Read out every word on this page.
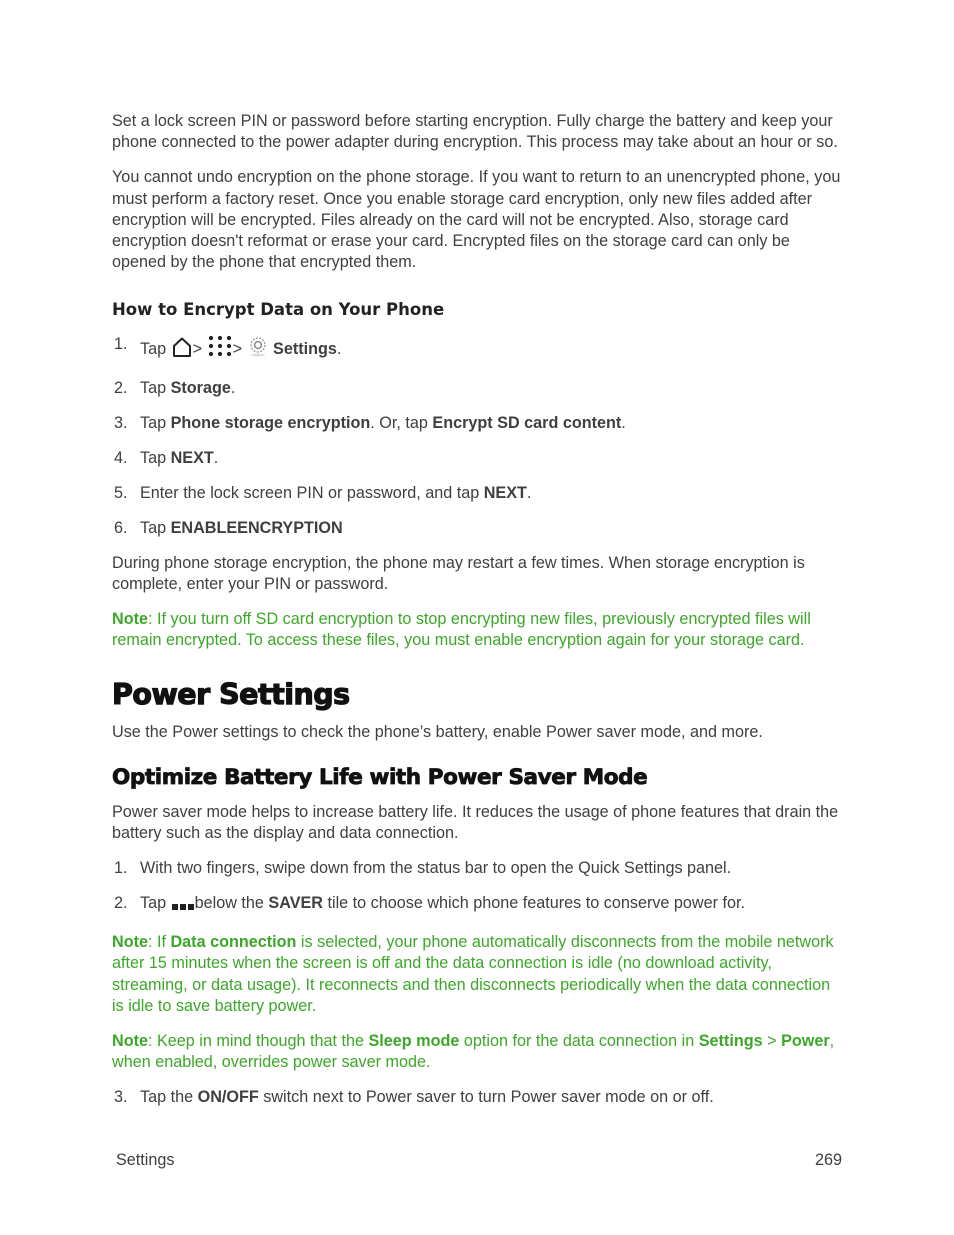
Set a lock screen PIN or password before starting encryption. Fully charge the battery and keep your phone connected to the power adapter during encryption. This process may take about an hour or so.

You cannot undo encryption on the phone storage. If you want to return to an unencrypted phone, you must perform a factory reset. Once you enable storage card encryption, only new files added after encryption will be encrypted. Files already on the card will not be encrypted. Also, storage card encryption doesn't reformat or erase your card. Encrypted files on the storage card can only be opened by the phone that encrypted them.

How to Encrypt Data on Your Phone
1. Tap > > Settings.
2. Tap Storage.
3. Tap Phone storage encryption. Or, tap Encrypt SD card content.
4. Tap NEXT.
5. Enter the lock screen PIN or password, and tap NEXT.
6. Tap ENABLEENCRYPTION

During phone storage encryption, the phone may restart a few times. When storage encryption is complete, enter your PIN or password.

Note: If you turn off SD card encryption to stop encrypting new files, previously encrypted files will remain encrypted. To access these files, you must enable encryption again for your storage card.

Power Settings

Use the Power settings to check the phone’s battery, enable Power saver mode, and more.

Optimize Battery Life with Power Saver Mode

Power saver mode helps to increase battery life. It reduces the usage of phone features that drain the battery such as the display and data connection.

1. With two fingers, swipe down from the status bar to open the Quick Settings panel.
2. Tap below the SAVER tile to choose which phone features to conserve power for.

Note: If Data connection is selected, your phone automatically disconnects from the mobile network after 15 minutes when the screen is off and the data connection is idle (no download activity, streaming, or data usage). It reconnects and then disconnects periodically when the data connection is idle to save battery power.

Note: Keep in mind though that the Sleep mode option for the data connection in Settings > Power, when enabled, overrides power saver mode.

3. Tap the ON/OFF switch next to Power saver to turn Power saver mode on or off.
Settings	269
